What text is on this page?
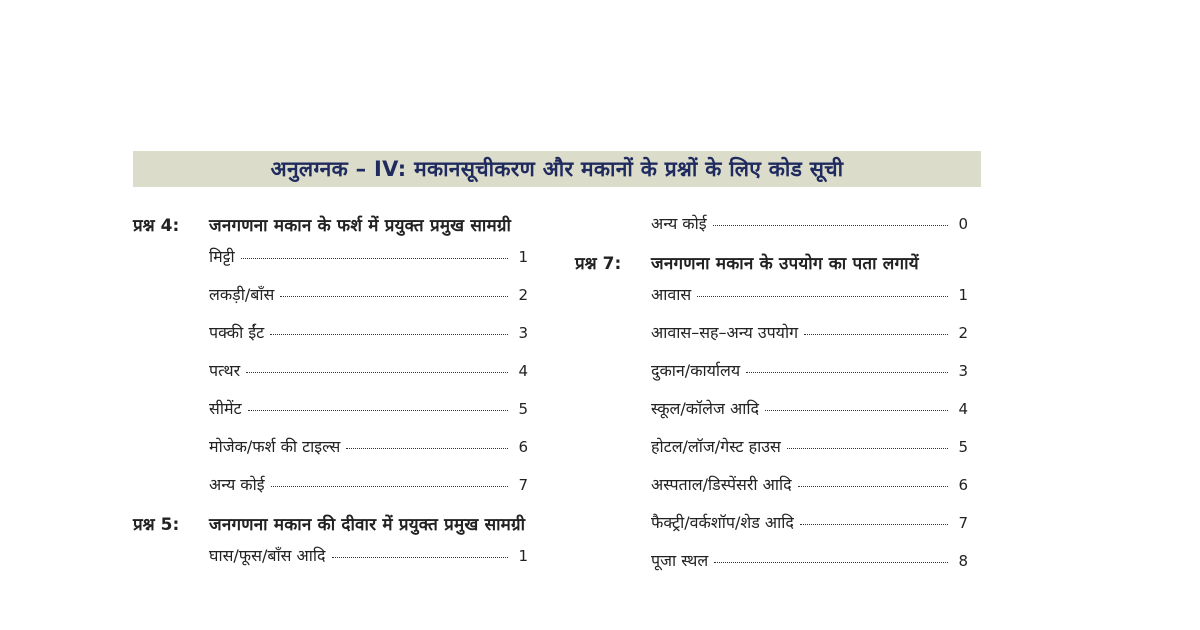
अनुलग्नक – IV: मकानसूचीकरण और मकानों के प्रश्नों के लिए कोड सूची
प्रश्न 4:	जनगणना मकान के फर्श में प्रयुक्त प्रमुख सामग्री
मिट्टी	1
लकड़ी/बाँस	2
पक्की ईंट	3
पत्थर	4
सीमेंट	5
मोजेक/फर्श की टाइल्स	6
अन्य कोई	7
प्रश्न 5:	जनगणना मकान की दीवार में प्रयुक्त प्रमुख सामग्री
घास/फूस/बाँस आदि	1
अन्य कोई	0
प्रश्न 7:	जनगणना मकान के उपयोग का पता लगायें
आवास	1
आवास–सह–अन्य उपयोग	2
दुकान/कार्यालय	3
स्कूल/कॉलेज आदि	4
होटल/लॉज/गेस्ट हाउस	5
अस्पताल/डिस्पेंसरी आदि	6
फैक्ट्री/वर्कशॉप/शेड आदि	7
पूजा स्थल	8
